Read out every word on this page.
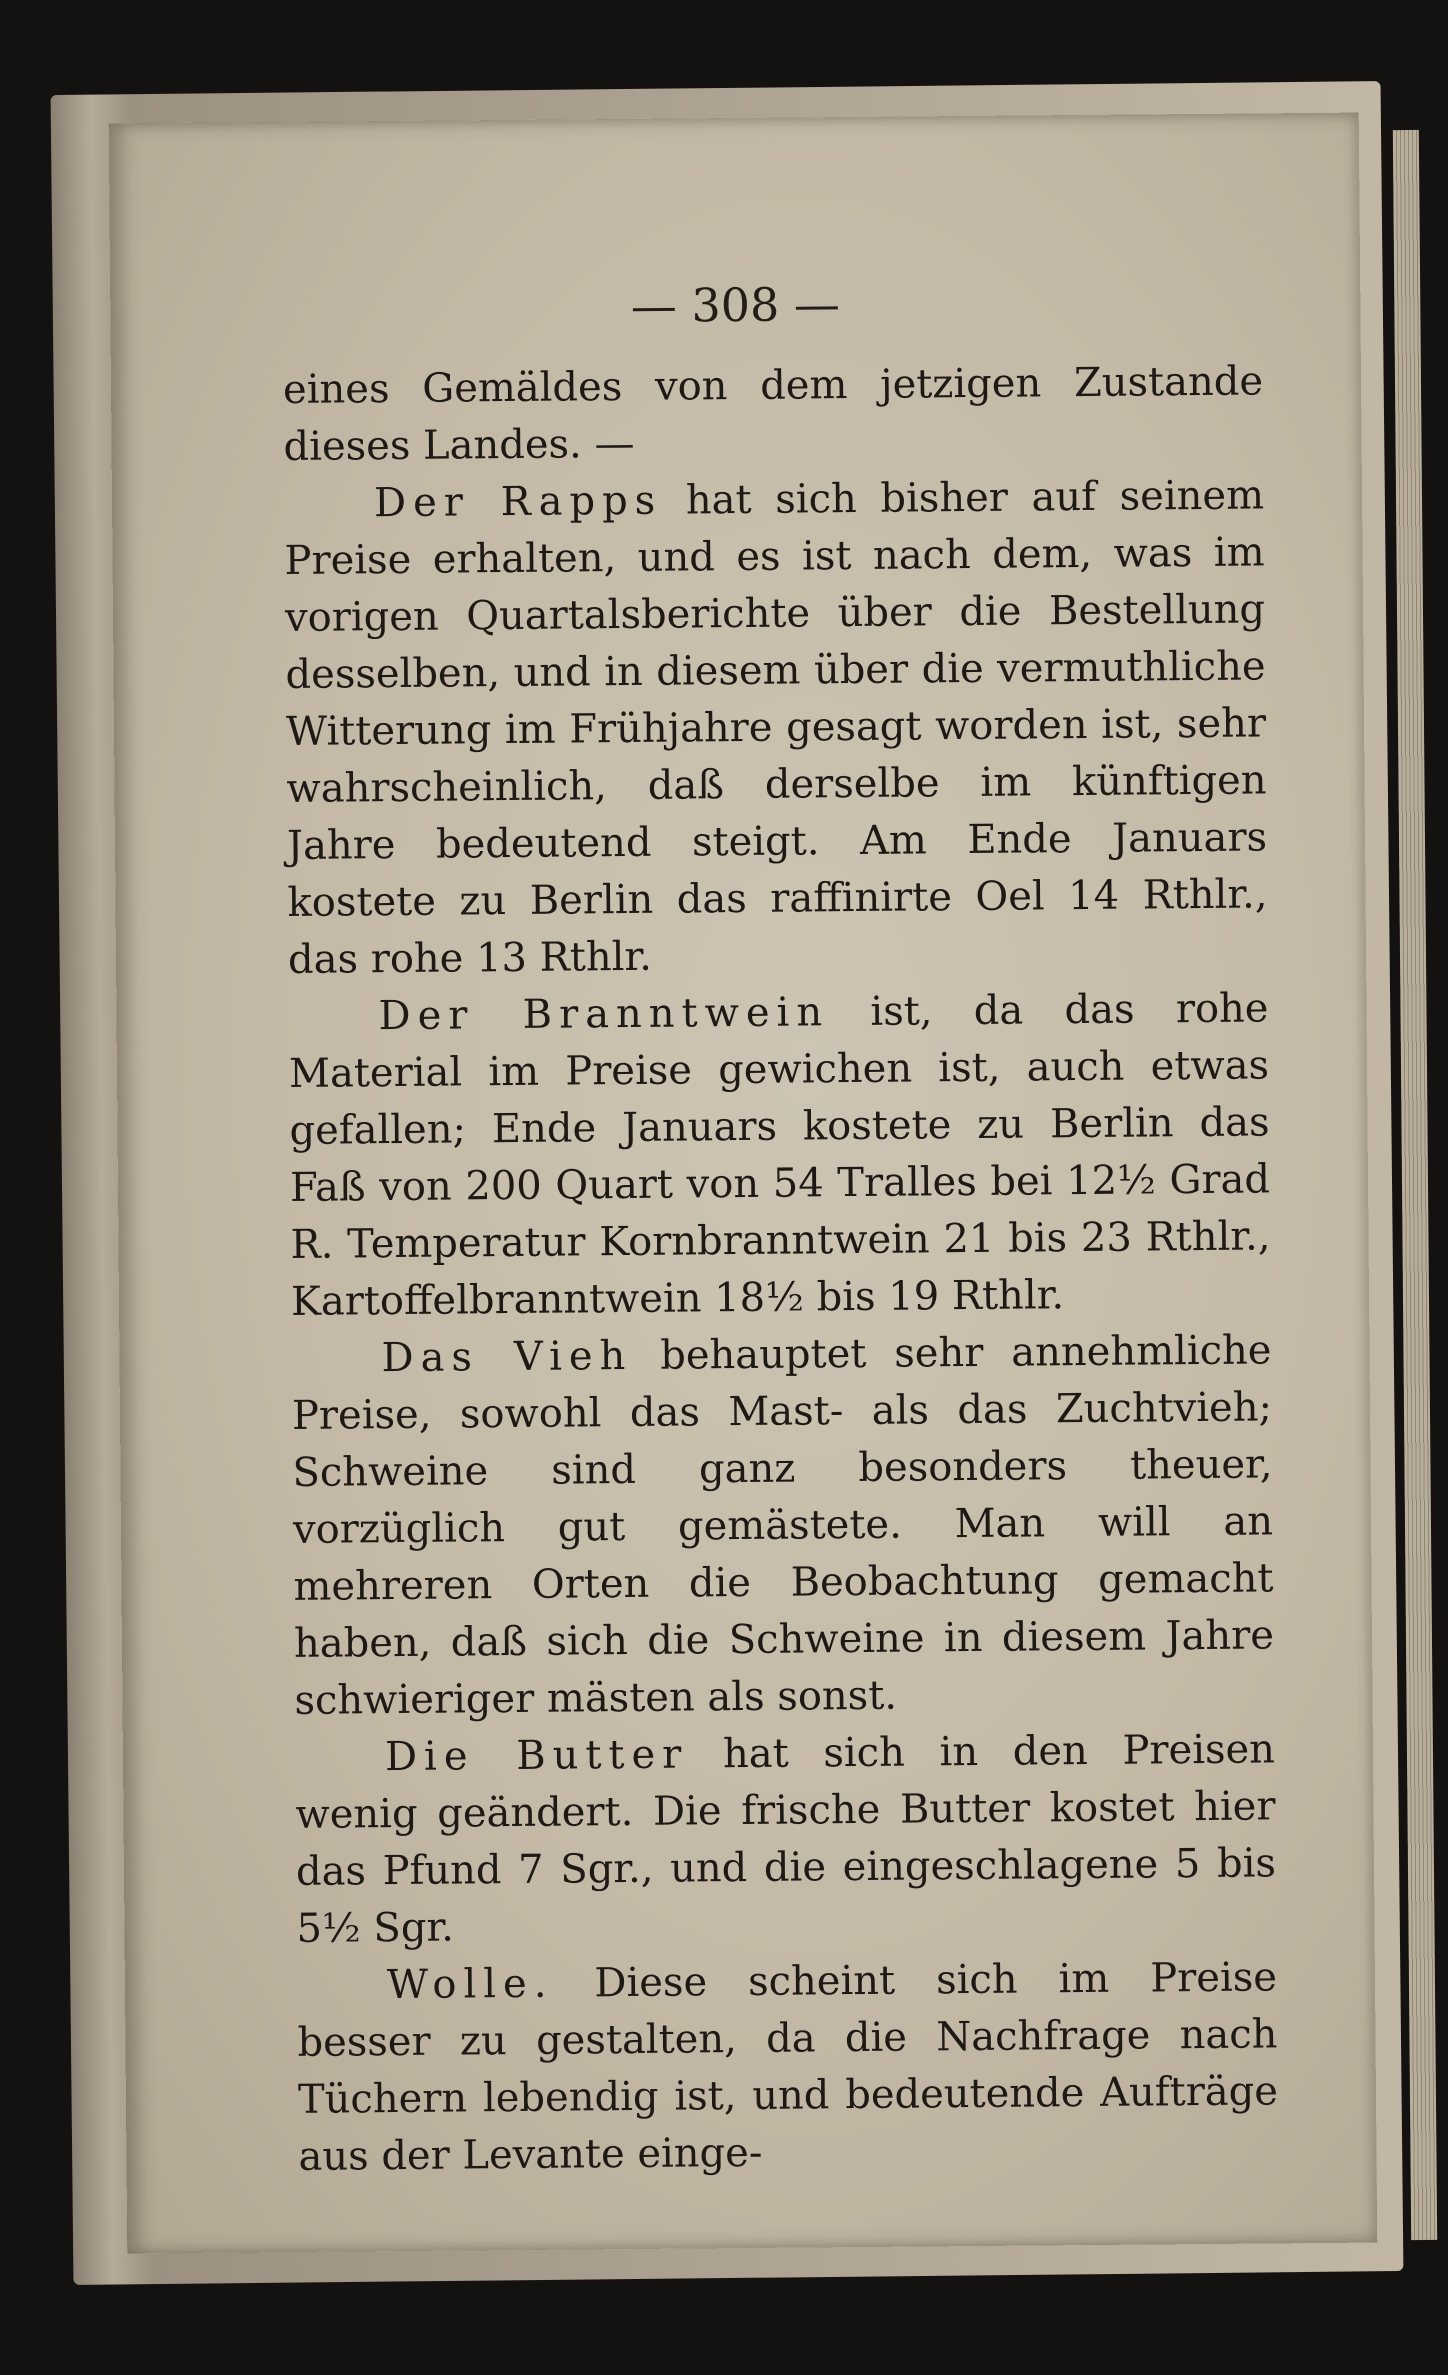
— 308 —

eines Gemäldes von dem jetzigen Zustande dieses Landes. —

Der Rapps hat sich bisher auf seinem Preise erhalten, und es ist nach dem, was im vorigen Quartalsberichte über die Bestellung desselben, und in diesem über die vermuthliche Witterung im Frühjahre gesagt worden ist, sehr wahrscheinlich, daß derselbe im künftigen Jahre bedeutend steigt. Am Ende Januars kostete zu Berlin das raffinirte Oel 14 Rthlr., das rohe 13 Rthlr.

Der Branntwein ist, da das rohe Material im Preise gewichen ist, auch etwas gefallen; Ende Januars kostete zu Berlin das Faß von 200 Quart von 54 Tralles bei 12½ Grad R. Temperatur Kornbranntwein 21 bis 23 Rthlr., Kartoffelbranntwein 18½ bis 19 Rthlr.

Das Vieh behauptet sehr annehmliche Preise, sowohl das Mast- als das Zuchtvieh; Schweine sind ganz besonders theuer, vorzüglich gut gemästete. Man will an mehreren Orten die Beobachtung gemacht haben, daß sich die Schweine in diesem Jahre schwieriger mästen als sonst.

Die Butter hat sich in den Preisen wenig geändert. Die frische Butter kostet hier das Pfund 7 Sgr., und die eingeschlagene 5 bis 5½ Sgr.

Wolle. Diese scheint sich im Preise besser zu gestalten, da die Nachfrage nach Tüchern lebendig ist, und bedeutende Aufträge aus der Levante einge-
